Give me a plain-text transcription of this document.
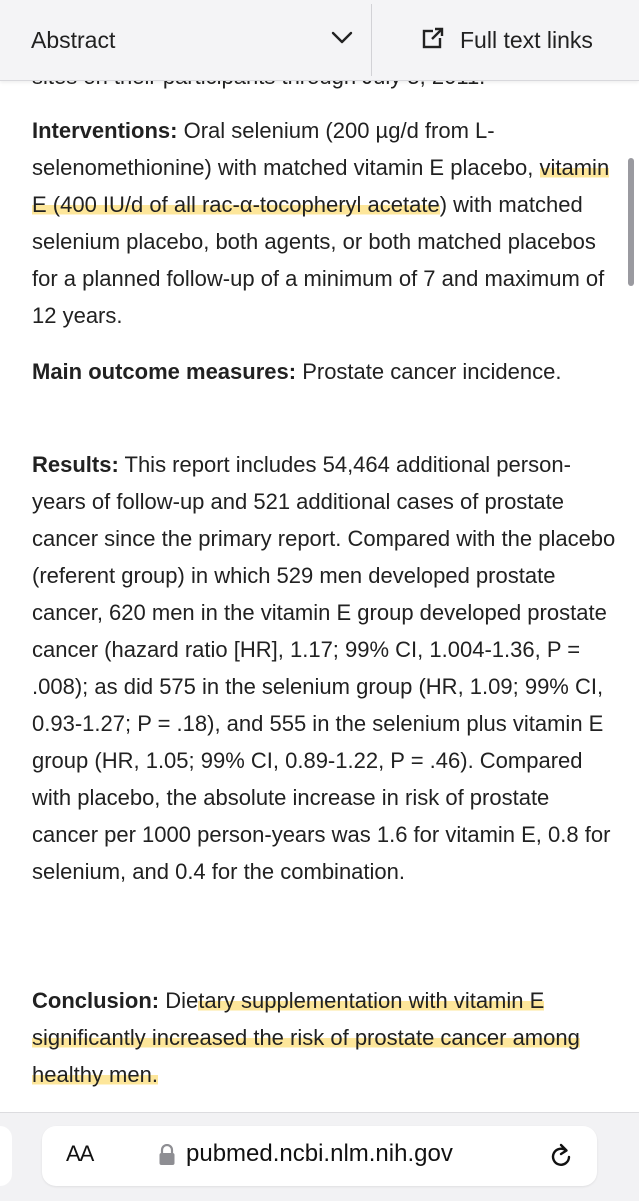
Interventions: Oral selenium (200 µg/d from L-selenomethionine) with matched vitamin E placebo, vitamin E (400 IU/d of all rac-α-tocopheryl acetate) with matched selenium placebo, both agents, or both matched placebos for a planned follow-up of a minimum of 7 and maximum of 12 years.
Main outcome measures: Prostate cancer incidence.
Results: This report includes 54,464 additional person-years of follow-up and 521 additional cases of prostate cancer since the primary report. Compared with the placebo (referent group) in which 529 men developed prostate cancer, 620 men in the vitamin E group developed prostate cancer (hazard ratio [HR], 1.17; 99% CI, 1.004-1.36, P = .008); as did 575 in the selenium group (HR, 1.09; 99% CI, 0.93-1.27; P = .18), and 555 in the selenium plus vitamin E group (HR, 1.05; 99% CI, 0.89-1.22, P = .46). Compared with placebo, the absolute increase in risk of prostate cancer per 1000 person-years was 1.6 for vitamin E, 0.8 for selenium, and 0.4 for the combination.
Conclusion: Dietary supplementation with vitamin E significantly increased the risk of prostate cancer among healthy men.
Abstract	Full text links
AA	pubmed.ncbi.nlm.nih.gov
